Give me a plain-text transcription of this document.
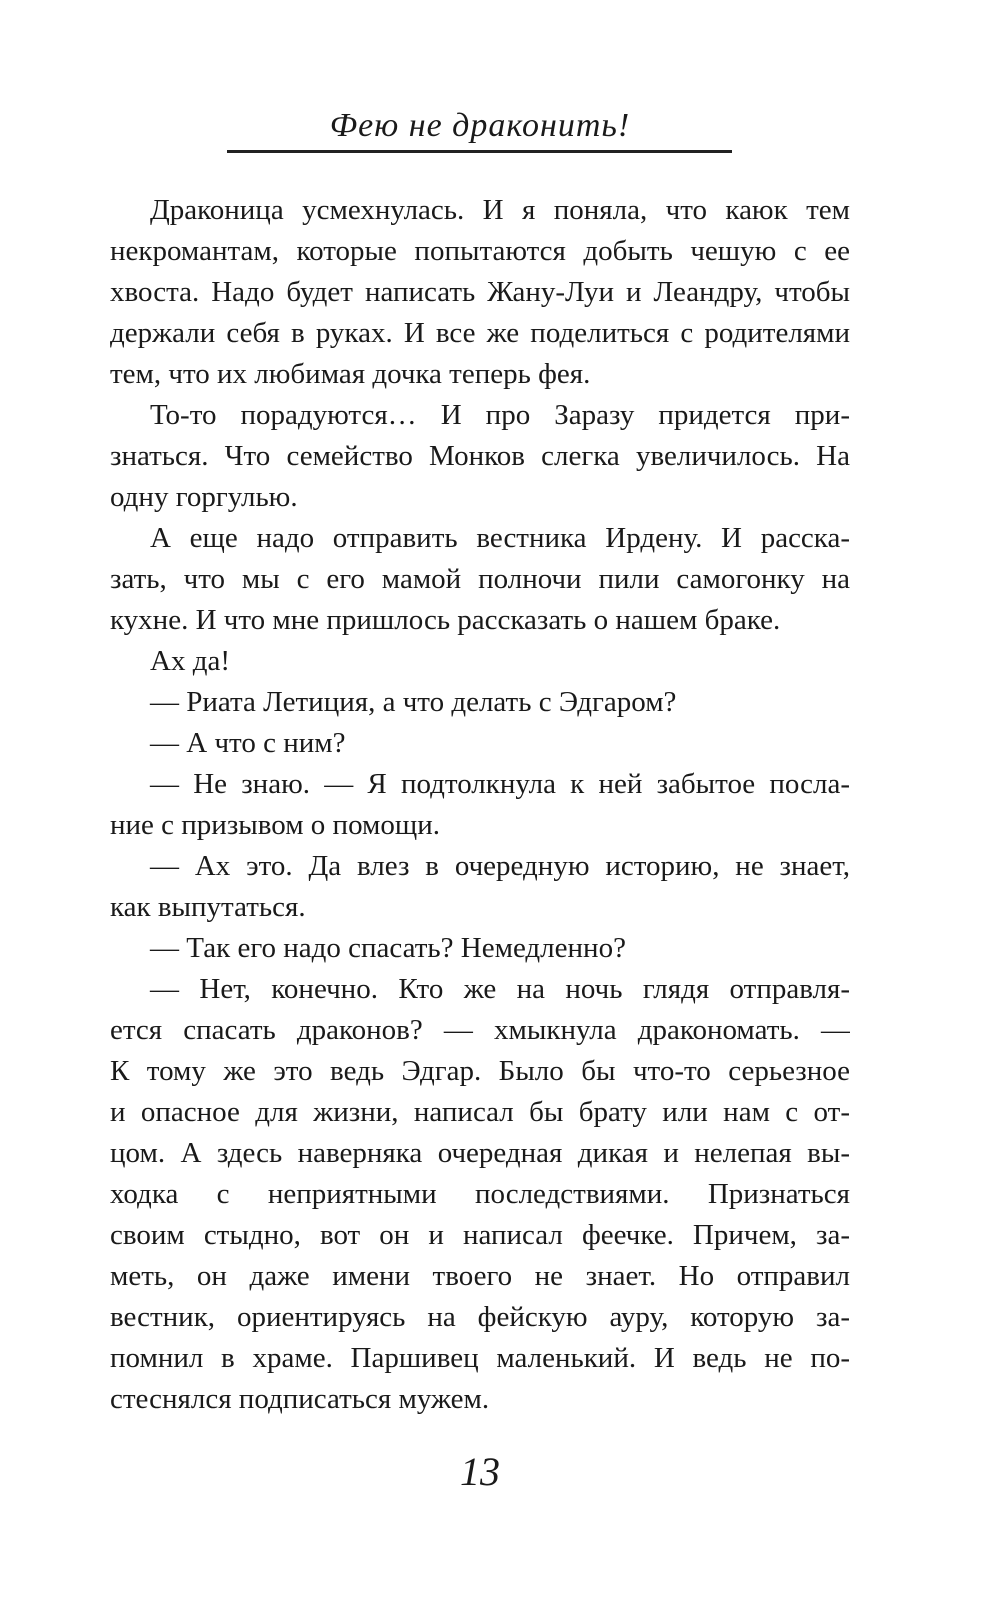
Фею не драконить!
Драконица усмехнулась. И я поняла, что каюк тем
некромантам, которые попытаются добыть чешую с ее
хвоста. Надо будет написать Жану-Луи и Леандру, чтобы
держали себя в руках. И все же поделиться с родителями
тем, что их любимая дочка теперь фея.
То-то порадуются… И про Заразу придется при-
знаться. Что семейство Монков слегка увеличилось. На
одну горгулью.
А еще надо отправить вестника Ирдену. И расска-
зать, что мы с его мамой полночи пили самогонку на
кухне. И что мне пришлось рассказать о нашем браке.
Ах да!
— Риата Летиция, а что делать с Эдгаром?
— А что с ним?
— Не знаю. — Я подтолкнула к ней забытое посла-
ние с призывом о помощи.
— Ах это. Да влез в очередную историю, не знает,
как выпутаться.
— Так его надо спасать? Немедленно?
— Нет, конечно. Кто же на ночь глядя отправля-
ется спасать драконов? — хмыкнула дракономать. —
К тому же это ведь Эдгар. Было бы что-то серьезное
и опасное для жизни, написал бы брату или нам с от-
цом. А здесь наверняка очередная дикая и нелепая вы-
ходка с неприятными последствиями. Признаться
своим стыдно, вот он и написал феечке. Причем, за-
меть, он даже имени твоего не знает. Но отправил
вестник, ориентируясь на фейскую ауру, которую за-
помнил в храме. Паршивец маленький. И ведь не по-
стеснялся подписаться мужем.
13
